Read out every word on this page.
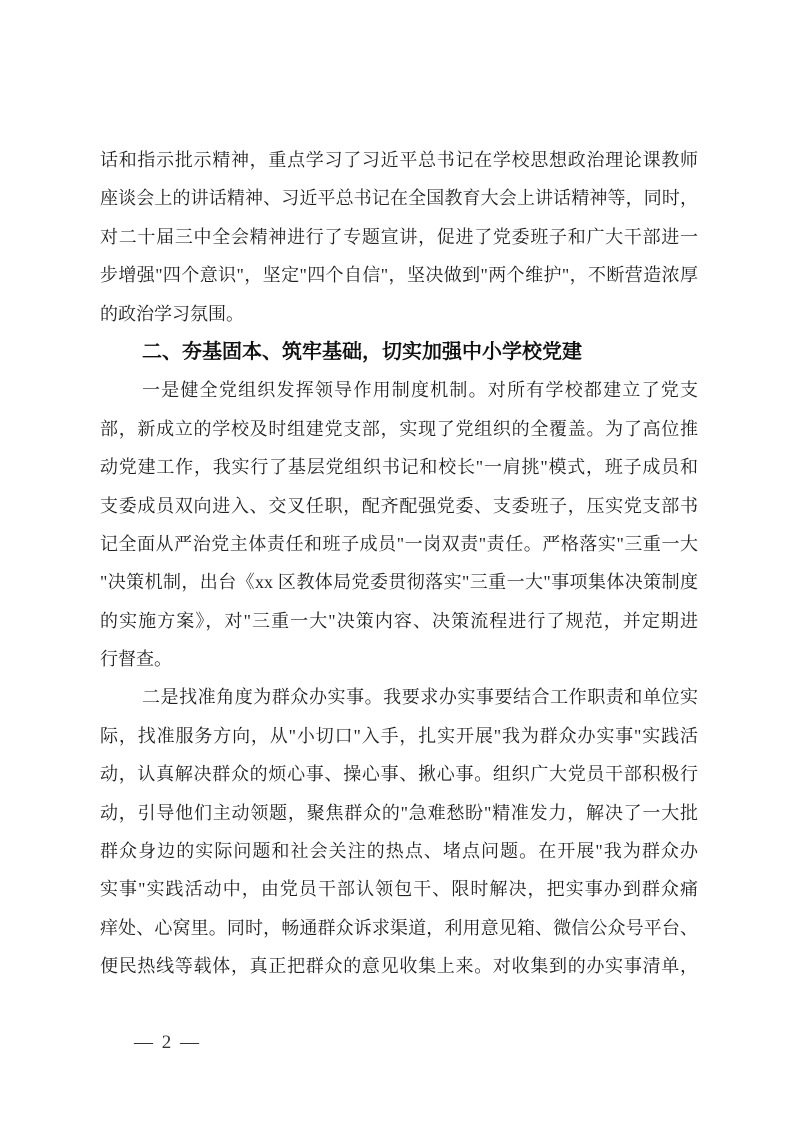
话和指示批示精神，重点学习了习近平总书记在学校思想政治理论课教师
座谈会上的讲话精神、习近平总书记在全国教育大会上讲话精神等，同时，
对二十届三中全会精神进行了专题宣讲，促进了党委班子和广大干部进一
步增强"四个意识"，坚定"四个自信"，坚决做到"两个维护"，不断营造浓厚
的政治学习氛围。
二、夯基固本、筑牢基础，切实加强中小学校党建
一是健全党组织发挥领导作用制度机制。对所有学校都建立了党支
部，新成立的学校及时组建党支部，实现了党组织的全覆盖。为了高位推
动党建工作，我实行了基层党组织书记和校长"一肩挑"模式，班子成员和
支委成员双向进入、交叉任职，配齐配强党委、支委班子，压实党支部书
记全面从严治党主体责任和班子成员"一岗双责"责任。严格落实"三重一大
"决策机制，出台《xx 区教体局党委贯彻落实"三重一大"事项集体决策制度
的实施方案》，对"三重一大"决策内容、决策流程进行了规范，并定期进
行督查。
二是找准角度为群众办实事。我要求办实事要结合工作职责和单位实
际，找准服务方向，从"小切口"入手，扎实开展"我为群众办实事"实践活
动，认真解决群众的烦心事、操心事、揪心事。组织广大党员干部积极行
动，引导他们主动领题，聚焦群众的"急难愁盼"精准发力，解决了一大批
群众身边的实际问题和社会关注的热点、堵点问题。在开展"我为群众办
实事"实践活动中，由党员干部认领包干、限时解决，把实事办到群众痛
痒处、心窝里。同时，畅通群众诉求渠道，利用意见箱、微信公众号平台、
便民热线等载体，真正把群众的意见收集上来。对收集到的办实事清单，
— 2 —
